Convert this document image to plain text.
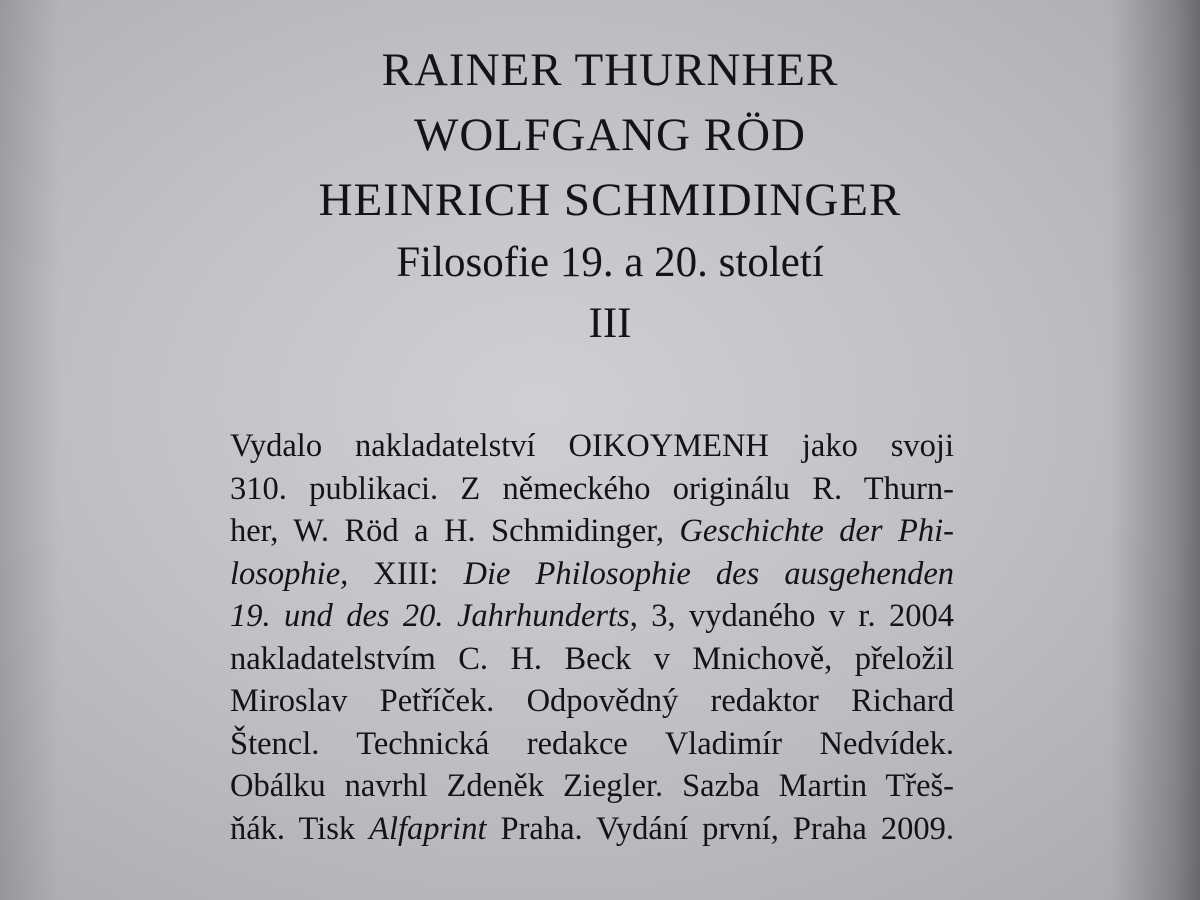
RAINER THURNHER
WOLFGANG RÖD
HEINRICH SCHMIDINGER
Filosofie 19. a 20. století
III
Vydalo nakladatelství OIKOYMENH jako svoji
310. publikaci. Z německého originálu R. Thurn-
her, W. Röd a H. Schmidinger, Geschichte der Phi-
losophie, XIII: Die Philosophie des ausgehenden
19. und des 20. Jahrhunderts, 3, vydaného v r. 2004
nakladatelstvím C. H. Beck v Mnichově, přeložil
Miroslav Petříček. Odpovědný redaktor Richard
Štencl. Technická redakce Vladimír Nedvídek.
Obálku navrhl Zdeněk Ziegler. Sazba Martin Třeš-
ňák. Tisk Alfaprint Praha. Vydání první, Praha 2009.
